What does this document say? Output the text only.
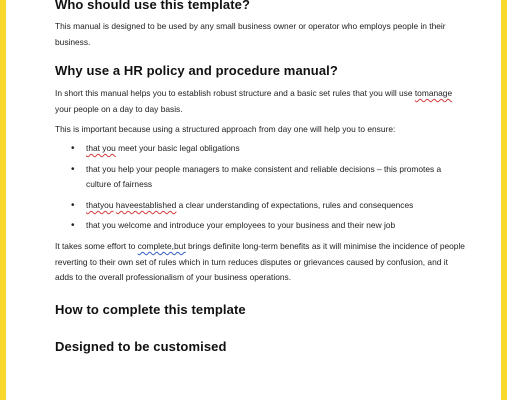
Who should use this template?

This manual is designed to be used by any small business owner or operator who employs people in their business.

Why use a HR policy and procedure manual?

In short this manual helps you to establish robust structure and a basic set rules that you will use tomanage your people on a day to day basis.

This is important because using a structured approach from day one will help you to ensure:

• that you meet your basic legal obligations
• that you help your people managers to make consistent and reliable decisions – this promotes a culture of fairness
• thatyou haveestablished a clear understanding of expectations, rules and consequences
• that you welcome and introduce your employees to your business and their new job

It takes some effort to complete,but brings definite long-term benefits as it will minimise the incidence of people reverting to their own set of rules which in turn reduces disputes or grievances caused by confusion, and it adds to the overall professionalism of your business operations.

How to complete this template
Designed to be customised
